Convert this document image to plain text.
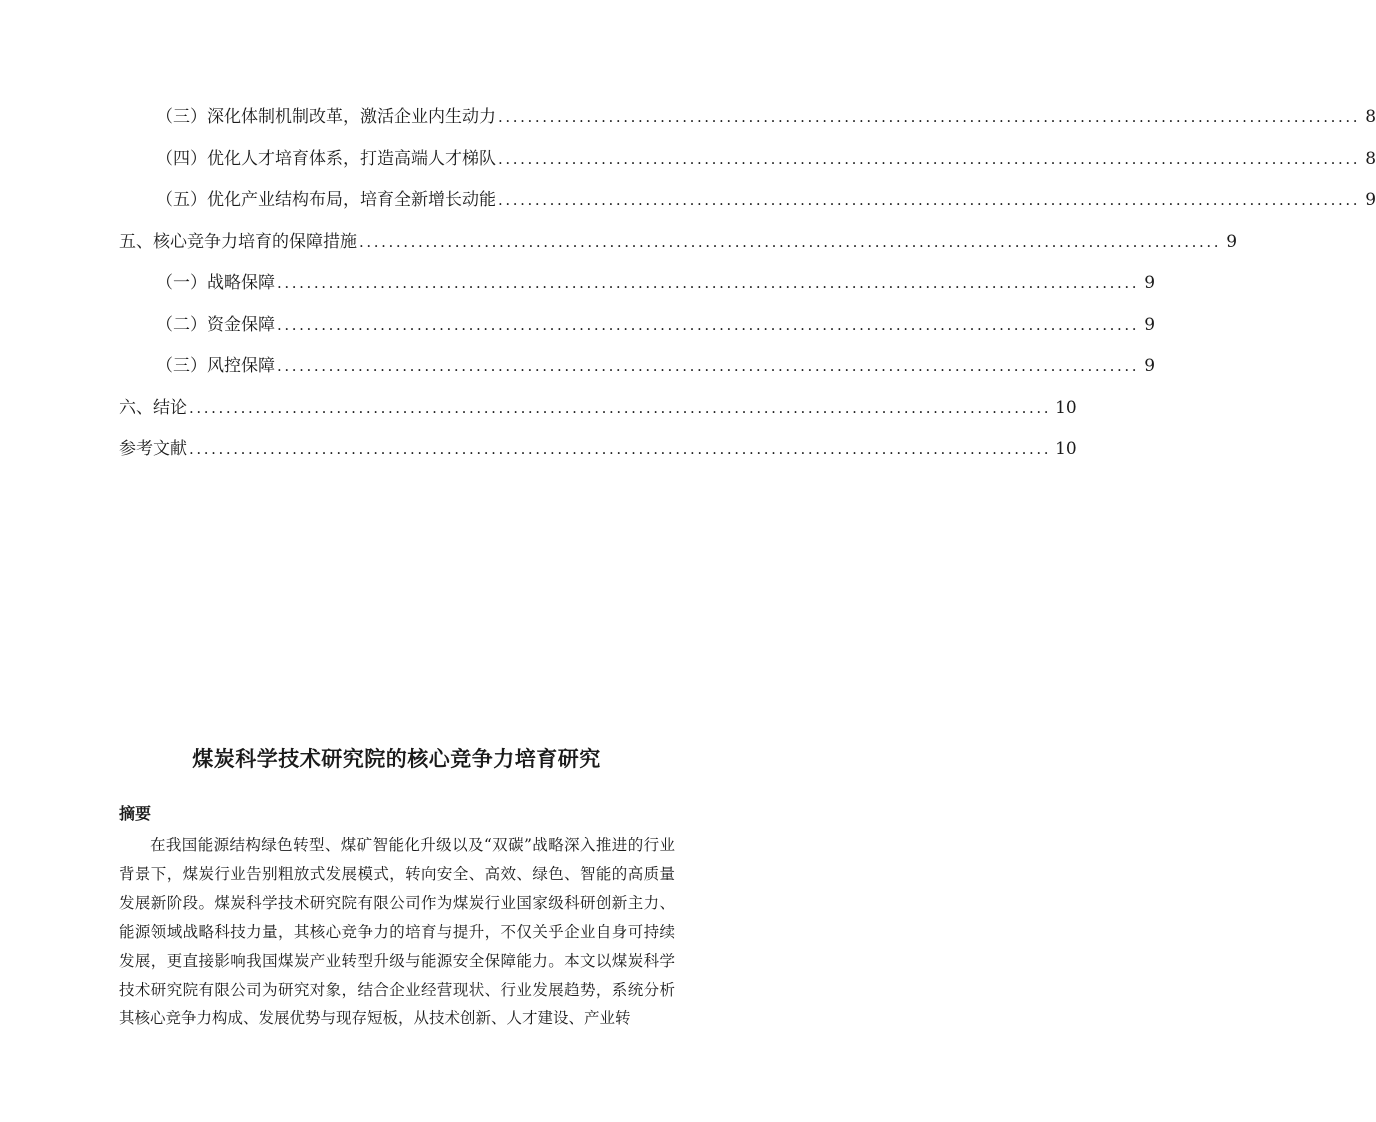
（三）深化体制机制改革，激活企业内生动力 ..................................................................................................................... 8
（四）优化人才培育体系，打造高端人才梯队 ..................................................................................................................... 8
（五）优化产业结构布局，培育全新增长动能 ..................................................................................................................... 9
五、核心竞争力培育的保障措施 ..................................................................................................................... 9
（一）战略保障 ..................................................................................................................... 9
（二）资金保障 ..................................................................................................................... 9
（三）风控保障 ..................................................................................................................... 9
六、结论 ..................................................................................................................... 10
参考文献 ..................................................................................................................... 10
煤炭科学技术研究院的核心竞争力培育研究
摘要

在我国能源结构绿色转型、煤矿智能化升级以及“双碳”战略深入推进的行业背景下，煤炭行业告别粗放式发展模式，转向安全、高效、绿色、智能的高质量发展新阶段。煤炭科学技术研究院有限公司作为煤炭行业国家级科研创新主力、能源领域战略科技力量，其核心竞争力的培育与提升，不仅关乎企业自身可持续发展，更直接影响我国煤炭产业转型升级与能源安全保障能力。本文以煤炭科学技术研究院有限公司为研究对象，结合企业经营现状、行业发展趋势，系统分析其核心竞争力构成、发展优势与现存短板，从技术创新、人才建设、产业转
